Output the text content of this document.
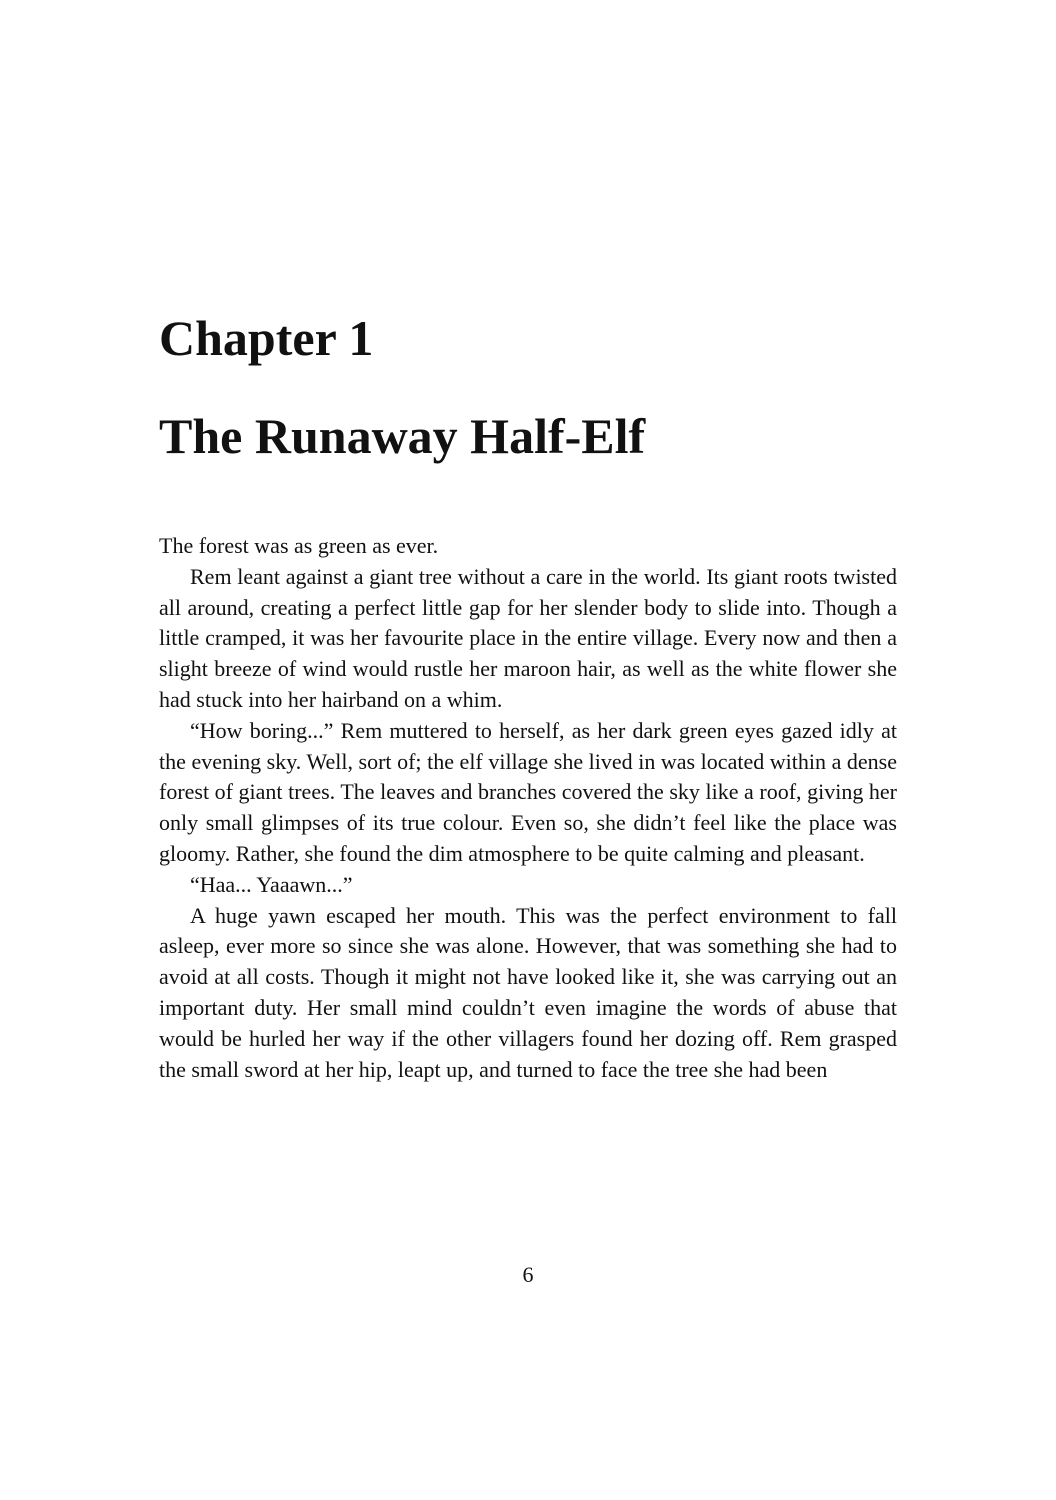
Chapter 1
The Runaway Half-Elf

The forest was as green as ever.

Rem leant against a giant tree without a care in the world. Its giant roots twisted all around, creating a perfect little gap for her slender body to slide into. Though a little cramped, it was her favourite place in the entire village. Every now and then a slight breeze of wind would rustle her maroon hair, as well as the white flower she had stuck into her hairband on a whim.

“How boring...” Rem muttered to herself, as her dark green eyes gazed idly at the evening sky. Well, sort of; the elf village she lived in was located within a dense forest of giant trees. The leaves and branches covered the sky like a roof, giving her only small glimpses of its true colour. Even so, she didn’t feel like the place was gloomy. Rather, she found the dim atmosphere to be quite calming and pleasant.

“Haa... Yaaawn...”

A huge yawn escaped her mouth. This was the perfect environment to fall asleep, ever more so since she was alone. However, that was something she had to avoid at all costs. Though it might not have looked like it, she was carrying out an important duty. Her small mind couldn’t even imagine the words of abuse that would be hurled her way if the other villagers found her dozing off. Rem grasped the small sword at her hip, leapt up, and turned to face the tree she had been

6
